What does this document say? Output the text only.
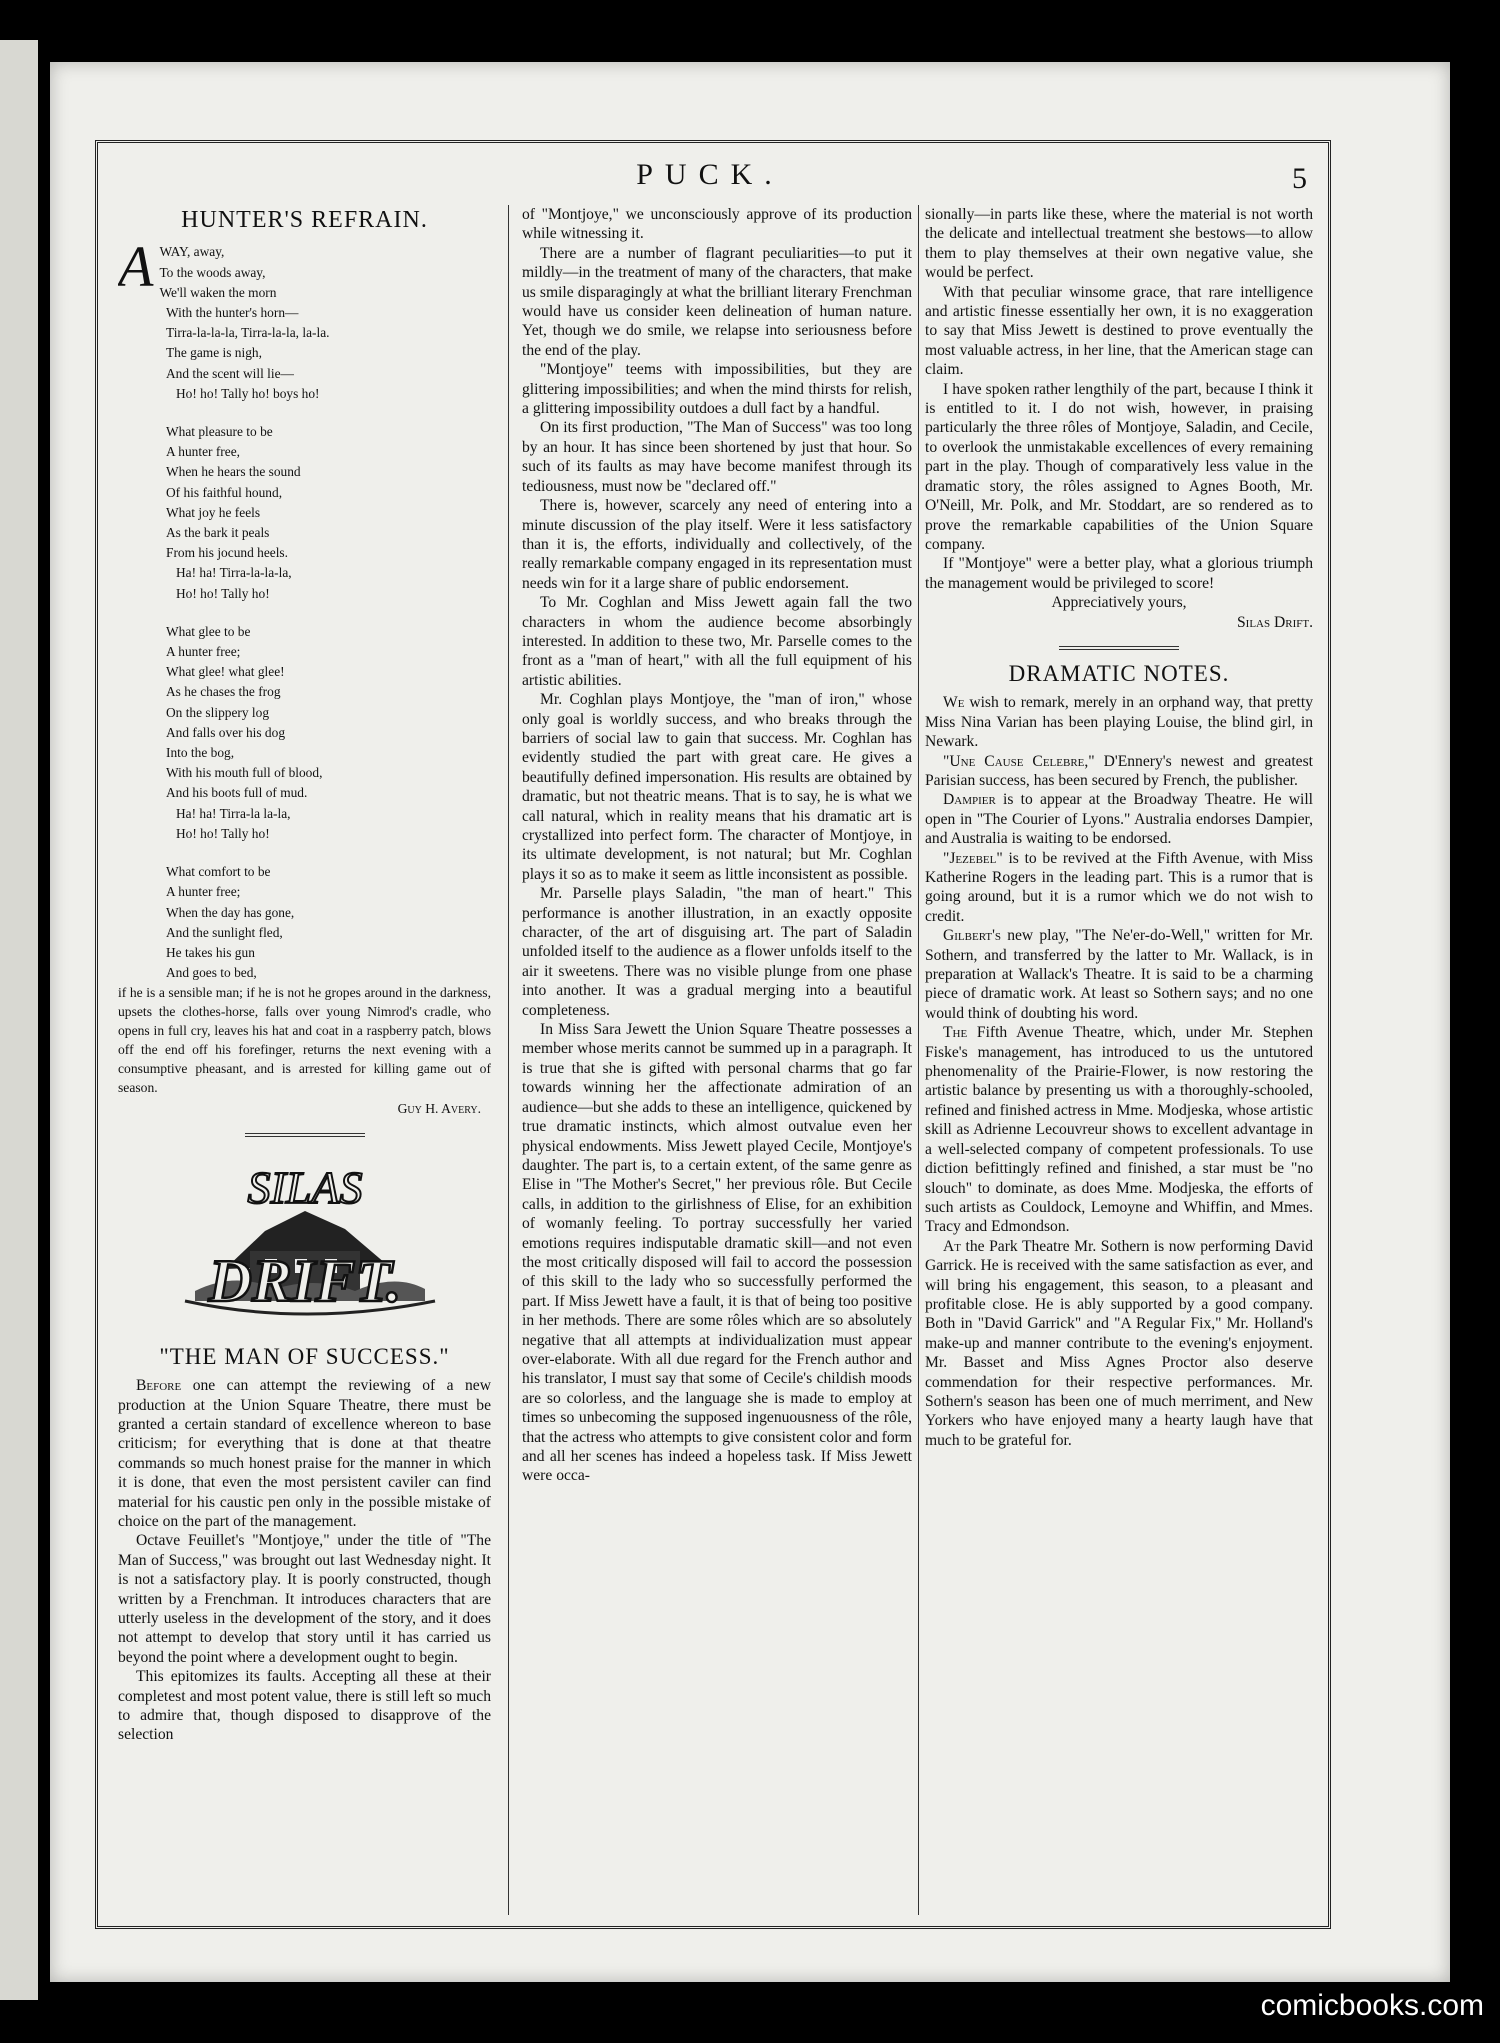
PUCK.	5
HUNTER'S REFRAIN.
A WAY, away,

To the woods away,

We'll waken the morn

With the hunter's horn—

Tirra-la-la-la, Tirra-la-la, la-la.

The game is nigh,

And the scent will lie—

Ho! ho! Tally ho! boys ho!

What pleasure to be

A hunter free,

When he hears the sound

Of his faithful hound,

What joy he feels

As the bark it peals

From his jocund heels.

Ha! ha! Tirra-la-la-la,

Ho! ho! Tally ho!

What glee to be

A hunter free;

What glee! what glee!

As he chases the frog

On the slippery log

And falls over his dog

Into the bog,

With his mouth full of blood,

And his boots full of mud.

Ha! ha! Tirra-la la-la,

Ho! ho! Tally ho!

What comfort to be

A hunter free;

When the day has gone,

And the sunlight fled,

He takes his gun

And goes to bed,

if he is a sensible man; if he is not he gropes around in the darkness, upsets the clothes-horse, falls over young Nimrod's cradle, who opens in full cry, leaves his hat and coat in a raspberry patch, blows off the end off his forefinger, returns the next evening with a consumptive pheasant, and is arrested for killing game out of season.

Guy H. Avery.

SILAS
DRIFT.
"THE MAN OF SUCCESS."

Before one can attempt the reviewing of a new production at the Union Square Theatre, there must be granted a certain standard of excellence whereon to base criticism; for everything that is done at that theatre commands so much honest praise for the manner in which it is done, that even the most persistent caviler can find material for his caustic pen only in the possible mistake of choice on the part of the management.

Octave Feuillet's "Montjoye," under the title of "The Man of Success," was brought out last Wednesday night. It is not a satisfactory play. It is poorly constructed, though written by a Frenchman. It introduces characters that are utterly useless in the development of the story, and it does not attempt to develop that story until it has carried us beyond the point where a development ought to begin.

This epitomizes its faults. Accepting all these at their completest and most potent value, there is still left so much to admire that, though disposed to disapprove of the selection

of "Montjoye," we unconsciously approve of its production while witnessing it.

There are a number of flagrant peculiarities—to put it mildly—in the treatment of many of the characters, that make us smile disparagingly at what the brilliant literary Frenchman would have us consider keen delineation of human nature. Yet, though we do smile, we relapse into seriousness before the end of the play.

"Montjoye" teems with impossibilities, but they are glittering impossibilities; and when the mind thirsts for relish, a glittering impossibility outdoes a dull fact by a handful.

On its first production, "The Man of Success" was too long by an hour. It has since been shortened by just that hour. So such of its faults as may have become manifest through its tediousness, must now be "declared off."

There is, however, scarcely any need of entering into a minute discussion of the play itself. Were it less satisfactory than it is, the efforts, individually and collectively, of the really remarkable company engaged in its representation must needs win for it a large share of public endorsement.

To Mr. Coghlan and Miss Jewett again fall the two characters in whom the audience become absorbingly interested. In addition to these two, Mr. Parselle comes to the front as a "man of heart," with all the full equipment of his artistic abilities.

Mr. Coghlan plays Montjoye, the "man of iron," whose only goal is worldly success, and who breaks through the barriers of social law to gain that success. Mr. Coghlan has evidently studied the part with great care. He gives a beautifully defined impersonation. His results are obtained by dramatic, but not theatric means. That is to say, he is what we call natural, which in reality means that his dramatic art is crystallized into perfect form. The character of Montjoye, in its ultimate development, is not natural; but Mr. Coghlan plays it so as to make it seem as little inconsistent as possible.

Mr. Parselle plays Saladin, "the man of heart." This performance is another illustration, in an exactly opposite character, of the art of disguising art. The part of Saladin unfolded itself to the audience as a flower unfolds itself to the air it sweetens. There was no visible plunge from one phase into another. It was a gradual merging into a beautiful completeness.

In Miss Sara Jewett the Union Square Theatre possesses a member whose merits cannot be summed up in a paragraph. It is true that she is gifted with personal charms that go far towards winning her the affectionate admiration of an audience—but she adds to these an intelligence, quickened by true dramatic instincts, which almost outvalue even her physical endowments. Miss Jewett played Cecile, Montjoye's daughter. The part is, to a certain extent, of the same genre as Elise in "The Mother's Secret," her previous rôle. But Cecile calls, in addition to the girlishness of Elise, for an exhibition of womanly feeling. To portray successfully her varied emotions requires indisputable dramatic skill—and not even the most critically disposed will fail to accord the possession of this skill to the lady who so successfully performed the part. If Miss Jewett have a fault, it is that of being too positive in her methods. There are some rôles which are so absolutely negative that all attempts at individualization must appear over-elaborate. With all due regard for the French author and his translator, I must say that some of Cecile's childish moods are so colorless, and the language she is made to employ at times so unbecoming the supposed ingenuousness of the rôle, that the actress who attempts to give consistent color and form and all her scenes has indeed a hopeless task. If Miss Jewett were occa-

sionally—in parts like these, where the material is not worth the delicate and intellectual treatment she bestows—to allow them to play themselves at their own negative value, she would be perfect.

With that peculiar winsome grace, that rare intelligence and artistic finesse essentially her own, it is no exaggeration to say that Miss Jewett is destined to prove eventually the most valuable actress, in her line, that the American stage can claim.

I have spoken rather lengthily of the part, because I think it is entitled to it. I do not wish, however, in praising particularly the three rôles of Montjoye, Saladin, and Cecile, to overlook the unmistakable excellences of every remaining part in the play. Though of comparatively less value in the dramatic story, the rôles assigned to Agnes Booth, Mr. O'Neill, Mr. Polk, and Mr. Stoddart, are so rendered as to prove the remarkable capabilities of the Union Square company.

If "Montjoye" were a better play, what a glorious triumph the management would be privileged to score!

Appreciatively yours,

Silas Drift.

DRAMATIC NOTES.

We wish to remark, merely in an orphand way, that pretty Miss Nina Varian has been playing Louise, the blind girl, in Newark.

"Une Cause Celebre," D'Ennery's newest and greatest Parisian success, has been secured by French, the publisher.

Dampier is to appear at the Broadway Theatre. He will open in "The Courier of Lyons." Australia endorses Dampier, and Australia is waiting to be endorsed.

"Jezebel" is to be revived at the Fifth Avenue, with Miss Katherine Rogers in the leading part. This is a rumor that is going around, but it is a rumor which we do not wish to credit.

Gilbert's new play, "The Ne'er-do-Well," written for Mr. Sothern, and transferred by the latter to Mr. Wallack, is in preparation at Wallack's Theatre. It is said to be a charming piece of dramatic work. At least so Sothern says; and no one would think of doubting his word.

The Fifth Avenue Theatre, which, under Mr. Stephen Fiske's management, has introduced to us the untutored phenomenality of the Prairie-Flower, is now restoring the artistic balance by presenting us with a thoroughly-schooled, refined and finished actress in Mme. Modjeska, whose artistic skill as Adrienne Lecouvreur shows to excellent advantage in a well-selected company of competent professionals. To use diction befittingly refined and finished, a star must be "no slouch" to dominate, as does Mme. Modjeska, the efforts of such artists as Couldock, Lemoyne and Whiffin, and Mmes. Tracy and Edmondson.

At the Park Theatre Mr. Sothern is now performing David Garrick. He is received with the same satisfaction as ever, and will bring his engagement, this season, to a pleasant and profitable close. He is ably supported by a good company. Both in "David Garrick" and "A Regular Fix," Mr. Holland's make-up and manner contribute to the evening's enjoyment. Mr. Basset and Miss Agnes Proctor also deserve commendation for their respective performances. Mr. Sothern's season has been one of much merriment, and New Yorkers who have enjoyed many a hearty laugh have that much to be grateful for.

comicbooks.com
